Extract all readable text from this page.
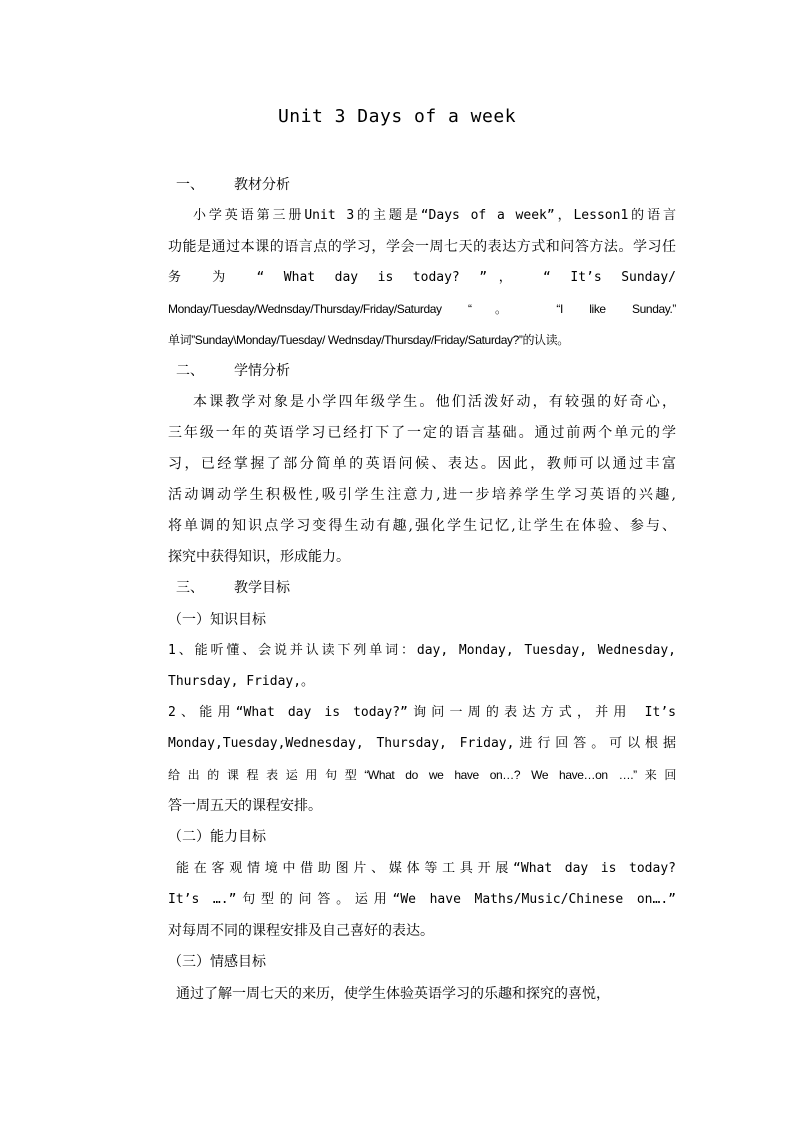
Unit 3 Days of a week
一、 教材分析
小学英语第三册Unit 3的主题是“Days of a week”，Lesson1的语言
功能是通过本课的语言点的学习，学会一周七天的表达方式和问答方法。学习任
务 为 “ What day is today? ”， “ It’s Sunday/
Monday/Tuesday/Wednsday/Thursday/Friday/Saturday “。 “I like Sunday.”
单词”Sunday\Monday/Tuesday/ Wednsday/Thursday/Friday/Saturday?”的认读。
二、 学情分析
本课教学对象是小学四年级学生。他们活泼好动，有较强的好奇心，
三年级一年的英语学习已经打下了一定的语言基础。通过前两个单元的学
习，已经掌握了部分简单的英语问候、表达。因此，教师可以通过丰富
活动调动学生积极性,吸引学生注意力,进一步培养学生学习英语的兴趣,
将单调的知识点学习变得生动有趣,强化学生记忆,让学生在体验、参与、
探究中获得知识，形成能力。
三、 教学目标
（一）知识目标
1、能听懂、会说并认读下列单词：day, Monday, Tuesday, Wednesday,
Thursday, Friday,。
2、能用“What day is today?”询问一周的表达方式，并用 It’s
Monday,Tuesday,Wednesday, Thursday, Friday,进行回答。可以根据
给出的课程表运用句型“What do we have on…? We have…on ….”来回
答一周五天的课程安排。
（二）能力目标
能在客观情境中借助图片、媒体等工具开展“What day is today?
It’s ….”句型的问答。运用“We have Maths/Music/Chinese on….”
对每周不同的课程安排及自己喜好的表达。
（三）情感目标
通过了解一周七天的来历，使学生体验英语学习的乐趣和探究的喜悦，
